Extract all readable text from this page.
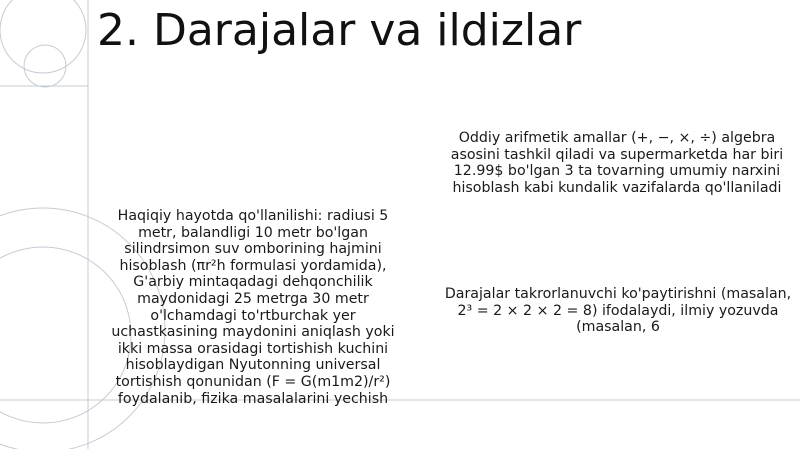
2. Darajalar va ildizlar
Haqiqiy hayotda qo'llanilishi: radiusi 5 metr, balandligi 10 metr bo'lgan silindrsimon suv omborining hajmini hisoblash (πr²h formulasi yordamida), G'arbiy mintaqadagi dehqonchilik maydonidagi 25 metrga 30 metr o'lchamdagi to'rtburchak yer uchastkasining maydonini aniqlash yoki ikki massa orasidagi tortishish kuchini hisoblaydigan Nyutonning universal tortishish qonunidan (F = G(m1m2)/r²) foydalanib, fizika masalalarini yechish
Oddiy arifmetik amallar (+, −, ×, ÷) algebra asosini tashkil qiladi va supermarketda har biri 12.99$ bo'lgan 3 ta tovarning umumiy narxini hisoblash kabi kundalik vazifalarda qo'llaniladi
Darajalar takrorlanuvchi ko'paytirishni (masalan, 2³ = 2 × 2 × 2 = 8) ifodalaydi, ilmiy yozuvda (masalan, 6
